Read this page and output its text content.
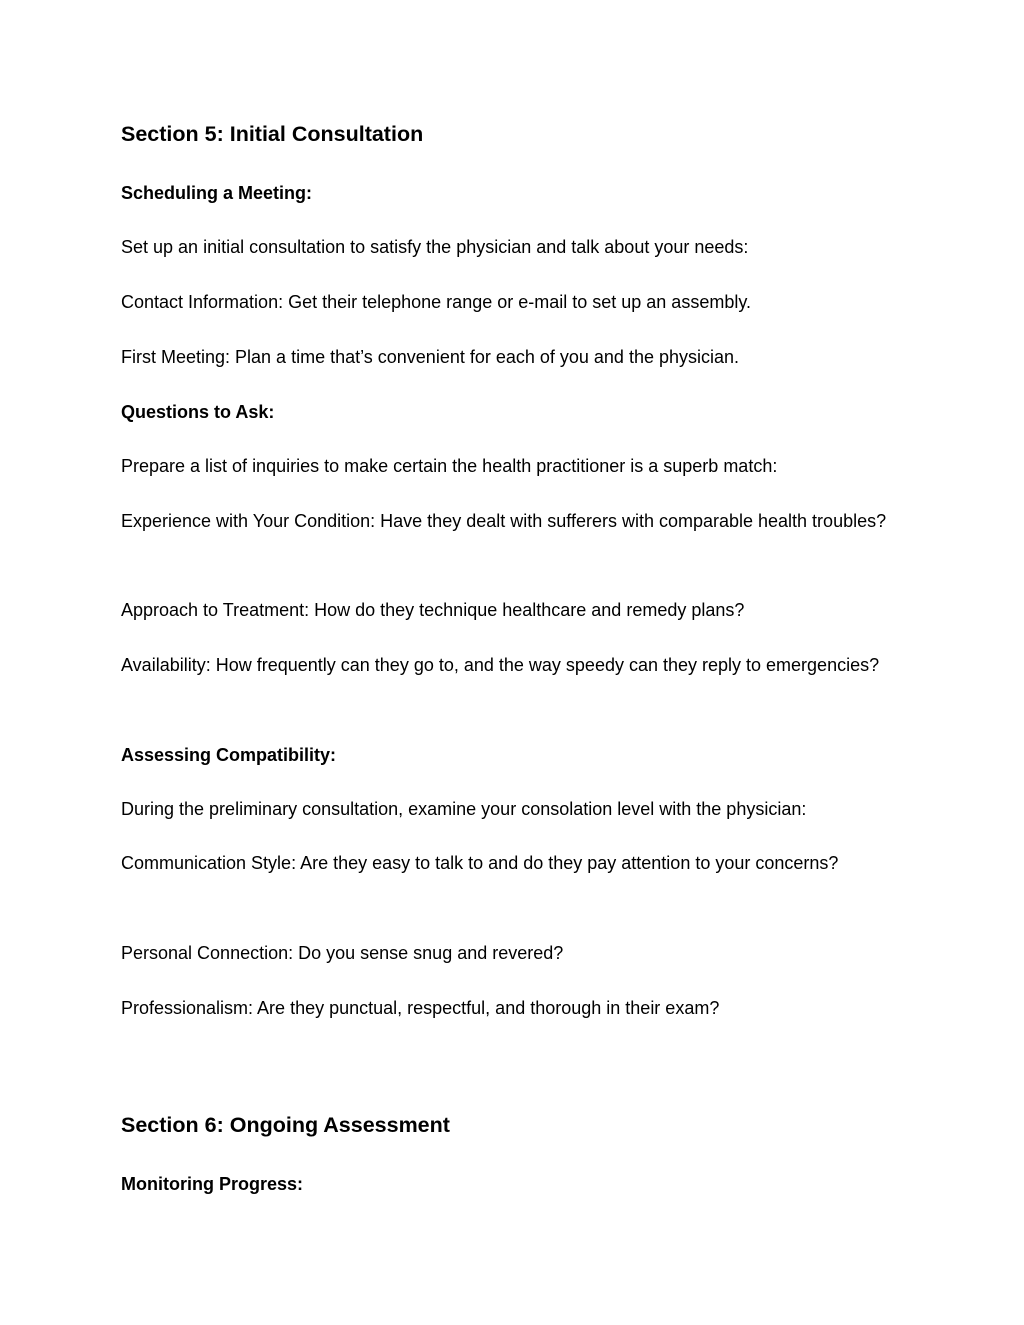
Section 5: Initial Consultation
Scheduling a Meeting:

Set up an initial consultation to satisfy the physician and talk about your needs:

Contact Information: Get their telephone range or e-mail to set up an assembly.

First Meeting: Plan a time that’s convenient for each of you and the physician.

Questions to Ask:

Prepare a list of inquiries to make certain the health practitioner is a superb match:

Experience with Your Condition: Have they dealt with sufferers with comparable health troubles?

Approach to Treatment: How do they technique healthcare and remedy plans?

Availability: How frequently can they go to, and the way speedy can they reply to emergencies?

Assessing Compatibility:

During the preliminary consultation, examine your consolation level with the physician:

Communication Style: Are they easy to talk to and do they pay attention to your concerns?

Personal Connection: Do you sense snug and revered?

Professionalism: Are they punctual, respectful, and thorough in their exam?

Section 6: Ongoing Assessment
Monitoring Progress:
